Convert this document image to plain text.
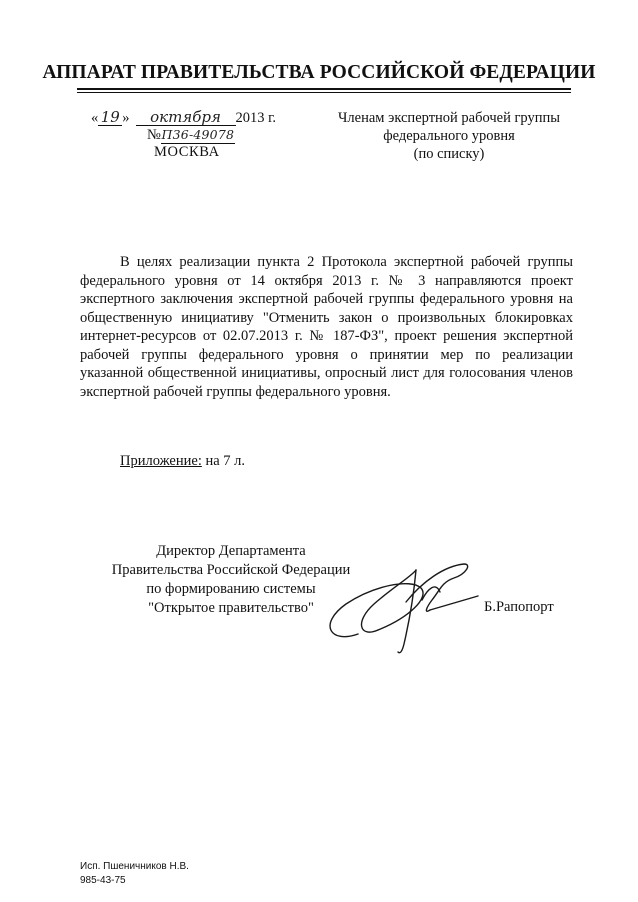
АППАРАТ ПРАВИТЕЛЬСТВА РОССИЙСКОЙ ФЕДЕРАЦИИ
« 19 » октября 2013 г.
№П36-49078
МОСКВА
Членам экспертной рабочей группы
федерального уровня
(по списку)

В целях реализации пункта 2 Протокола экспертной рабочей группы федерального уровня от 14 октября 2013 г. № 3 направляются проект экспертного заключения экспертной рабочей группы федерального уровня на общественную инициативу "Отменить закон о произвольных блокировках интернет-ресурсов от 02.07.2013 г. № 187-ФЗ", проект решения экспертной рабочей группы федерального уровня о принятии мер по реализации указанной общественной инициативы, опросный лист для голосования членов экспертной рабочей группы федерального уровня.

Приложение: на 7 л.
Директор Департамента
Правительства Российской Федерации
по формированию системы
"Открытое правительство"	Б.Рапопорт
Исп. Пшеничников Н.В.
985-43-75
